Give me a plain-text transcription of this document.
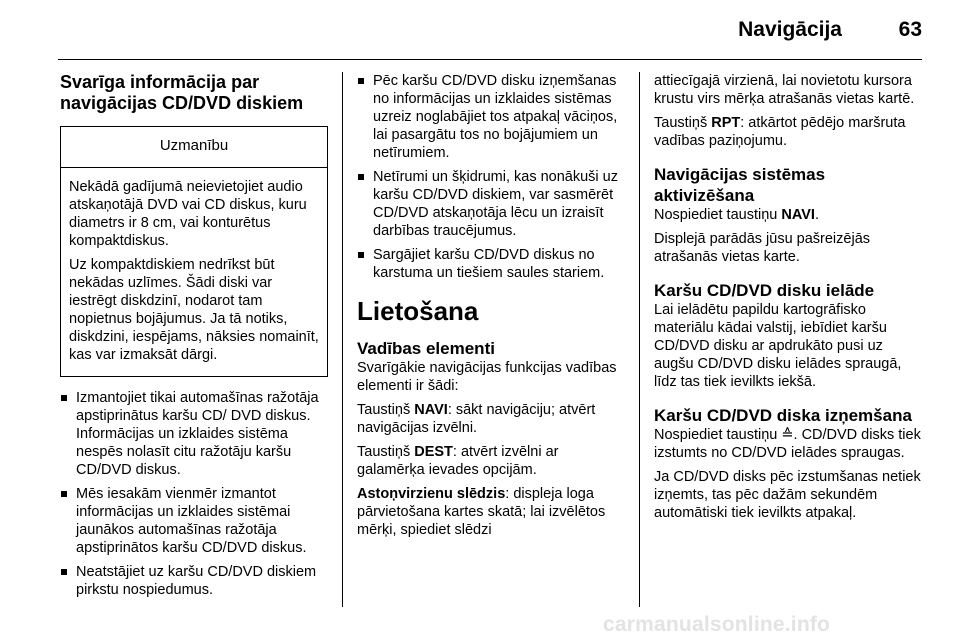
Navigācija	63
Svarīga informācija par navigācijas CD/DVD diskiem
Uzmanību

Nekādā gadījumā neievietojiet audio atskaņotājā DVD vai CD diskus, kuru diametrs ir 8 cm, vai konturētus kompaktdiskus.

Uz kompaktdiskiem nedrīkst būt nekādas uzlīmes. Šādi diski var iestrēgt diskdzinī, nodarot tam nopietnus bojājumus. Ja tā notiks, diskdzini, iespējams, nāksies nomainīt, kas var izmaksāt dārgi.

Izmantojiet tikai automašīnas ražotāja apstiprinātus karšu CD/ DVD diskus. Informācijas un izklaides sistēma nespēs nolasīt citu ražotāju karšu CD/DVD diskus.
Mēs iesakām vienmēr izmantot informācijas un izklaides sistēmai jaunākos automašīnas ražotāja apstiprinātos karšu CD/DVD diskus.
Neatstājiet uz karšu CD/DVD diskiem pirkstu nospiedumus.
Pēc karšu CD/DVD disku izņemšanas no informācijas un izklaides sistēmas uzreiz noglabājiet tos atpakaļ vāciņos, lai pasargātu tos no bojājumiem un netīrumiem.
Netīrumi un šķidrumi, kas nonākuši uz karšu CD/DVD diskiem, var sasmērēt CD/DVD atskaņotāja lēcu un izraisīt darbības traucējumus.
Sargājiet karšu CD/DVD diskus no karstuma un tiešiem saules stariem.
Lietošana
Vadības elementi

Svarīgākie navigācijas funkcijas vadības elementi ir šādi:

Taustiņš NAVI: sākt navigāciju; atvērt navigācijas izvēlni.

Taustiņš DEST: atvērt izvēlni ar galamērķa ievades opcijām.

Astoņvirzienu slēdzis: displeja loga pārvietošana kartes skatā; lai izvēlētos mērķi, spiediet slēdzi

attiecīgajā virzienā, lai novietotu kursora krustu virs mērķa atrašanās vietas kartē.

Taustiņš RPT: atkārtot pēdējo maršruta vadības paziņojumu.

Navigācijas sistēmas aktivizēšana

Nospiediet taustiņu NAVI.

Displejā parādās jūsu pašreizējās atrašanās vietas karte.

Karšu CD/DVD disku ielāde

Lai ielādētu papildu kartogrāfisko materiālu kādai valstij, iebīdiet karšu CD/DVD disku ar apdrukāto pusi uz augšu CD/DVD disku ielādes spraugā, līdz tas tiek ievilkts iekšā.

Karšu CD/DVD diska izņemšana

Nospiediet taustiņu ≙. CD/DVD disks tiek izstumts no CD/DVD ielādes spraugas.

Ja CD/DVD disks pēc izstumšanas netiek izņemts, tas pēc dažām sekundēm automātiski tiek ievilkts atpakaļ.

carmanualsonline.info
